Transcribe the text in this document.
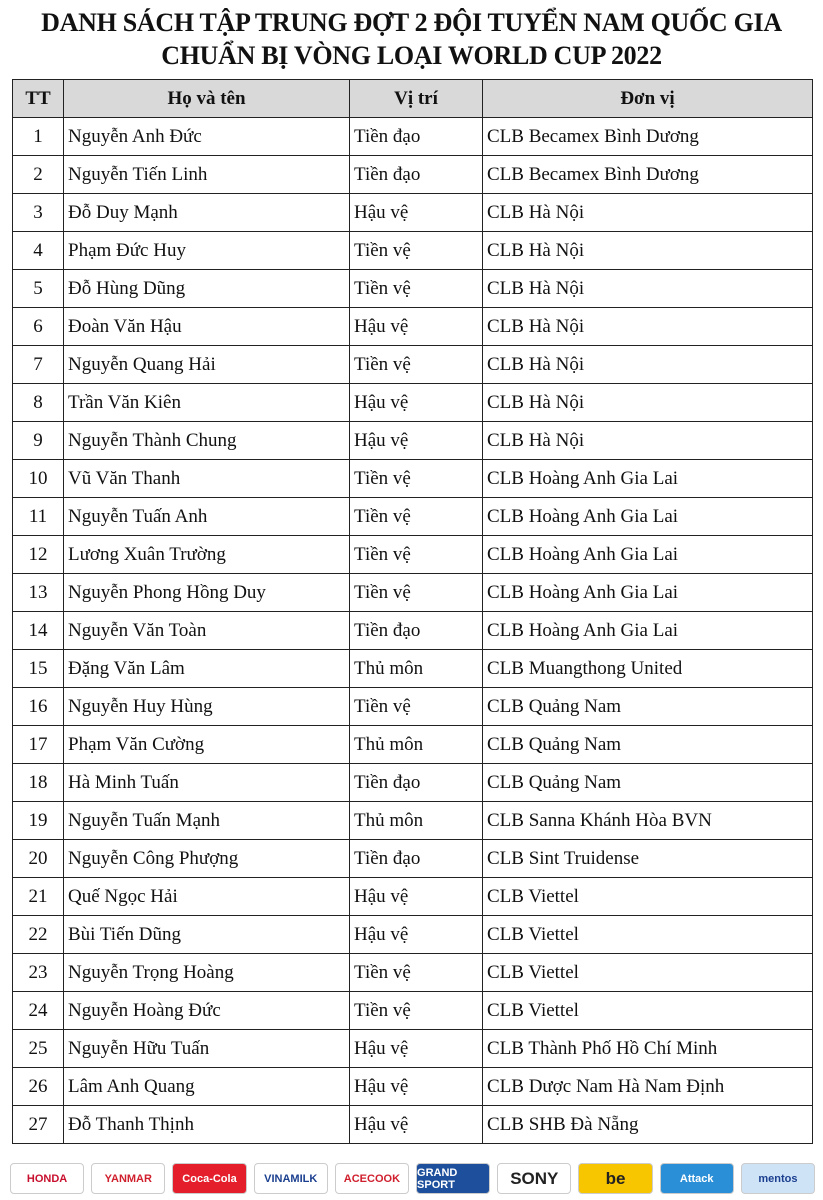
DANH SÁCH TẬP TRUNG ĐỢT 2 ĐỘI TUYỂN NAM QUỐC GIA
CHUẨN BỊ VÒNG LOẠI WORLD CUP 2022
TT	Họ và tên	Vị trí	Đơn vị
1	Nguyễn Anh Đức	Tiền đạo	CLB Becamex Bình Dương
2	Nguyễn Tiến Linh	Tiền đạo	CLB Becamex Bình Dương
3	Đỗ Duy Mạnh	Hậu vệ	CLB Hà Nội
4	Phạm Đức Huy	Tiền vệ	CLB Hà Nội
5	Đỗ Hùng Dũng	Tiền vệ	CLB Hà Nội
6	Đoàn Văn Hậu	Hậu vệ	CLB Hà Nội
7	Nguyễn Quang Hải	Tiền vệ	CLB Hà Nội
8	Trần Văn Kiên	Hậu vệ	CLB Hà Nội
9	Nguyễn Thành Chung	Hậu vệ	CLB Hà Nội
10	Vũ Văn Thanh	Tiền vệ	CLB Hoàng Anh Gia Lai
11	Nguyễn Tuấn Anh	Tiền vệ	CLB Hoàng Anh Gia Lai
12	Lương Xuân Trường	Tiền vệ	CLB Hoàng Anh Gia Lai
13	Nguyễn Phong Hồng Duy	Tiền vệ	CLB Hoàng Anh Gia Lai
14	Nguyễn Văn Toàn	Tiền đạo	CLB Hoàng Anh Gia Lai
15	Đặng Văn Lâm	Thủ môn	CLB Muangthong United
16	Nguyễn Huy Hùng	Tiền vệ	CLB Quảng Nam
17	Phạm Văn Cường	Thủ môn	CLB Quảng Nam
18	Hà Minh Tuấn	Tiền đạo	CLB Quảng Nam
19	Nguyễn Tuấn Mạnh	Thủ môn	CLB Sanna Khánh Hòa BVN
20	Nguyễn Công Phượng	Tiền đạo	CLB Sint Truidense
21	Quế Ngọc Hải	Hậu vệ	CLB Viettel
22	Bùi Tiến Dũng	Hậu vệ	CLB Viettel
23	Nguyễn Trọng Hoàng	Tiền vệ	CLB Viettel
24	Nguyễn Hoàng Đức	Tiền vệ	CLB Viettel
25	Nguyễn Hữu Tuấn	Hậu vệ	CLB Thành Phố Hồ Chí Minh
26	Lâm Anh Quang	Hậu vệ	CLB Dược Nam Hà Nam Định
27	Đỗ Thanh Thịnh	Hậu vệ	CLB SHB Đà Nẵng
HONDA	YANMAR	Coca-Cola	VINAMILK	ACECOOK	GRAND SPORT	SONY	be	Attack	mentos
